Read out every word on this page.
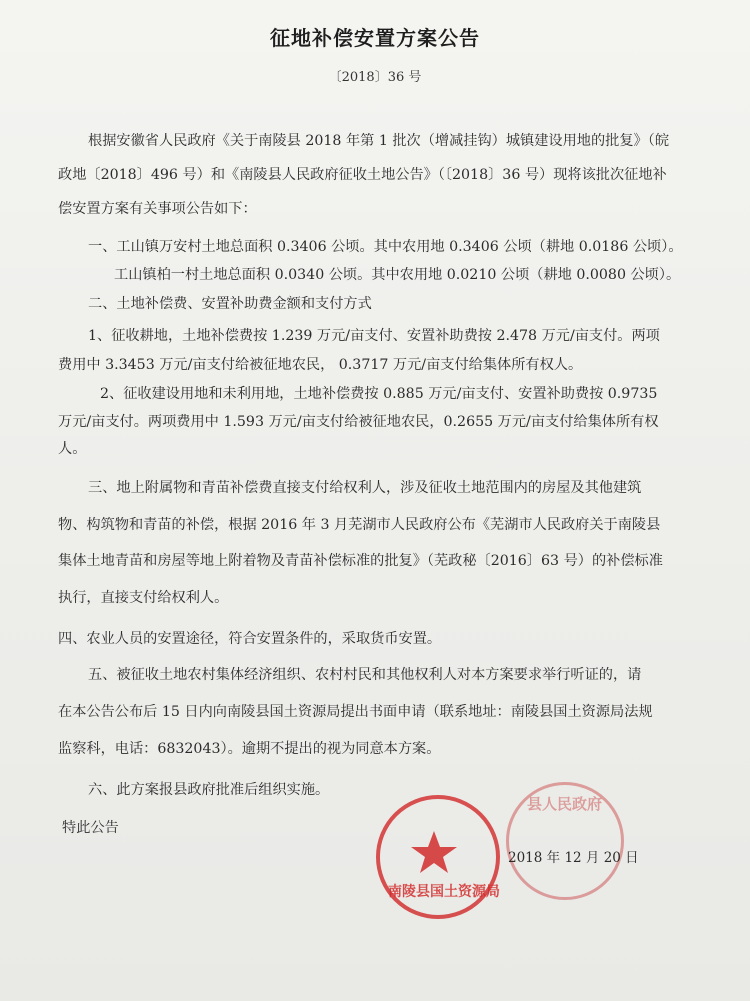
征地补偿安置方案公告
〔2018〕36 号
根据安徽省人民政府《关于南陵县 2018 年第 1 批次（增减挂钩）城镇建设用地的批复》（皖
政地〔2018〕496 号）和《南陵县人民政府征收土地公告》（〔2018〕36 号）现将该批次征地补
偿安置方案有关事项公告如下：
一、工山镇万安村土地总面积 0.3406 公顷。其中农用地 0.3406 公顷（耕地 0.0186 公顷）。
工山镇柏一村土地总面积 0.0340 公顷。其中农用地 0.0210 公顷（耕地 0.0080 公顷）。
二、土地补偿费、安置补助费金额和支付方式
1、征收耕地，土地补偿费按 1.239 万元/亩支付、安置补助费按 2.478 万元/亩支付。两项
费用中 3.3453 万元/亩支付给被征地农民， 0.3717 万元/亩支付给集体所有权人。
2、征收建设用地和未利用地，土地补偿费按 0.885 万元/亩支付、安置补助费按 0.9735
万元/亩支付。两项费用中 1.593 万元/亩支付给被征地农民，0.2655 万元/亩支付给集体所有权
人。
三、地上附属物和青苗补偿费直接支付给权利人，涉及征收土地范围内的房屋及其他建筑
物、构筑物和青苗的补偿，根据 2016 年 3 月芜湖市人民政府公布《芜湖市人民政府关于南陵县
集体土地青苗和房屋等地上附着物及青苗补偿标准的批复》（芜政秘〔2016〕63 号）的补偿标准
执行，直接支付给权利人。
四、农业人员的安置途径，符合安置条件的，采取货币安置。
五、被征收土地农村集体经济组织、农村村民和其他权利人对本方案要求举行听证的，请
在本公告公布后 15 日内向南陵县国土资源局提出书面申请（联系地址：南陵县国土资源局法规
监察科，电话：6832043）。逾期不提出的视为同意本方案。
六、此方案报县政府批准后组织实施。
特此公告
南陵县国土资源局
县人民政府
2018 年 12 月 20 日
